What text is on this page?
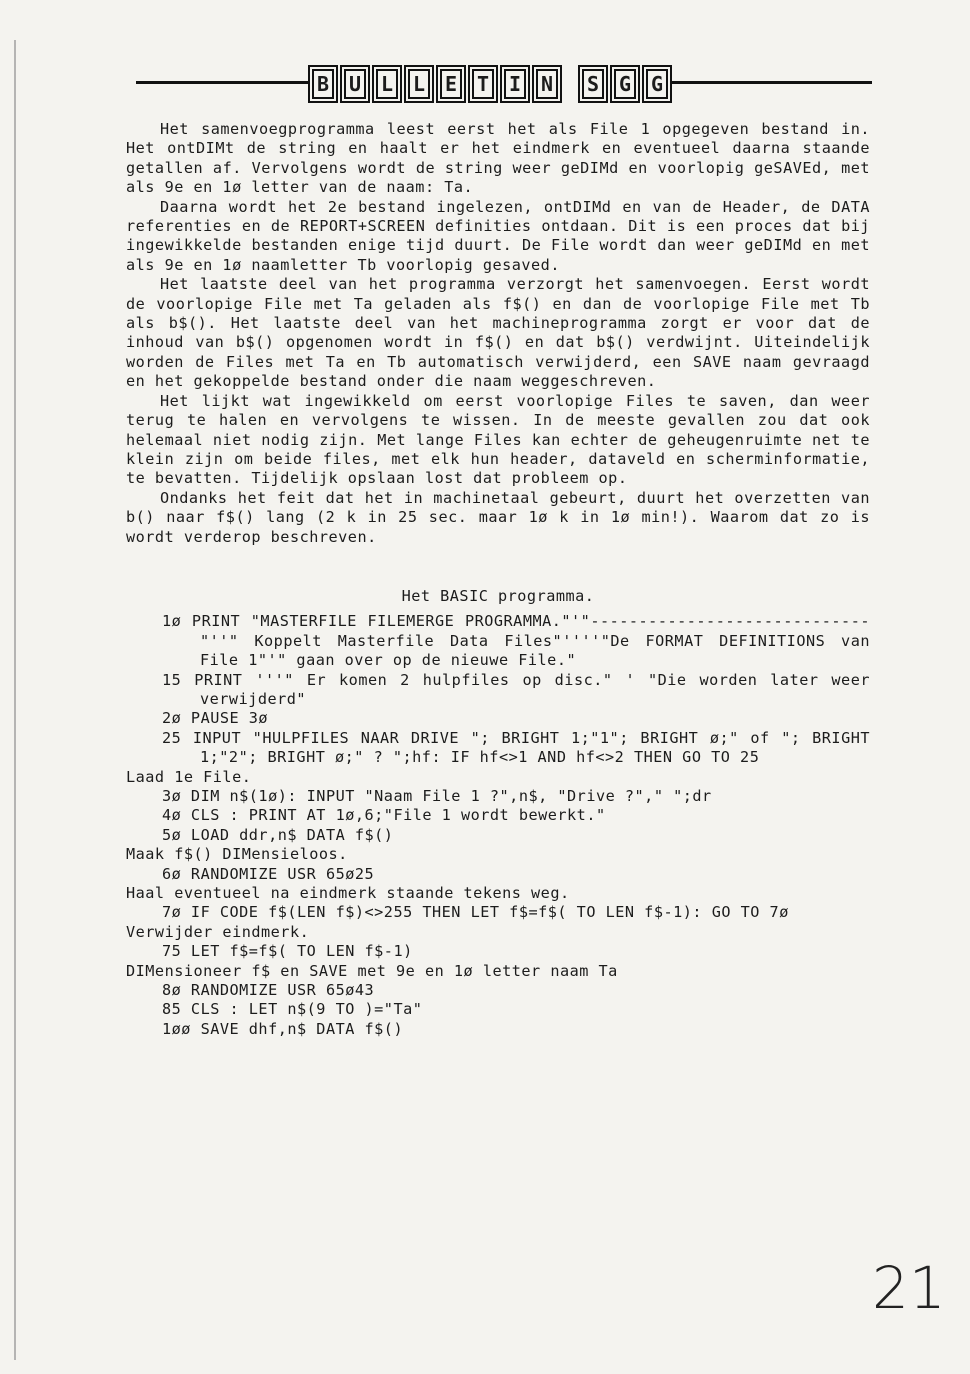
B U L L E T I N	S G G

Het samenvoegprogramma leest eerst het als File 1 opgegeven bestand in. Het ontDIMt de string en haalt er het eindmerk en eventueel daarna staande getallen af. Vervolgens wordt de string weer geDIMd en voorlopig geSAVEd, met als 9e en 1ø letter van de naam: Ta.

Daarna wordt het 2e bestand ingelezen, ontDIMd en van de Header, de DATA referenties en de REPORT+SCREEN definities ontdaan. Dit is een proces dat bij ingewikkelde bestanden enige tijd duurt. De File wordt dan weer geDIMd en met als 9e en 1ø naamletter Tb voorlopig gesaved.

Het laatste deel van het programma verzorgt het samenvoegen. Eerst wordt de voorlopige File met Ta geladen als f$() en dan de voorlopige File met Tb als b$(). Het laatste deel van het machineprogramma zorgt er voor dat de inhoud van b$() opgenomen wordt in f$() en dat b$() verdwijnt. Uiteindelijk worden de Files met Ta en Tb automatisch verwijderd, een SAVE naam gevraagd en het gekoppelde bestand onder die naam weggeschreven.

Het lijkt wat ingewikkeld om eerst voorlopige Files te saven, dan weer terug te halen en vervolgens te wissen. In de meeste gevallen zou dat ook helemaal niet nodig zijn. Met lange Files kan echter de geheugenruimte net te klein zijn om beide files, met elk hun header, dataveld en scherminformatie, te bevatten. Tijdelijk opslaan lost dat probleem op.

Ondanks het feit dat het in machinetaal gebeurt, duurt het overzetten van b() naar f$() lang (2 k in 25 sec. maar 1ø k in 1ø min!). Waarom dat zo is wordt verderop beschreven.

Het BASIC programma.

1ø PRINT "MASTERFILE FILEMERGE PROGRAMMA."'"-----------------------------"''" Koppelt Masterfile Data Files"''''"De FORMAT DEFINITIONS van File 1"'" gaan over op de nieuwe File."

15 PRINT '''" Er komen 2 hulpfiles op disc." ' "Die worden later weer verwijderd"

2ø PAUSE 3ø

25 INPUT "HULPFILES NAAR DRIVE "; BRIGHT 1;"1"; BRIGHT ø;" of "; BRIGHT 1;"2"; BRIGHT ø;" ? ";hf: IF hf<>1 AND hf<>2 THEN GO TO 25

Laad 1e File.

3ø DIM n$(1ø): INPUT "Naam File 1 ?",n$, "Drive ?"," ";dr

4ø CLS : PRINT AT 1ø,6;"File 1 wordt bewerkt."

5ø LOAD ddr,n$ DATA f$()

Maak f$() DIMensieloos.

6ø RANDOMIZE USR 65ø25

Haal eventueel na eindmerk staande tekens weg.

7ø IF CODE f$(LEN f$)<>255 THEN LET f$=f$( TO LEN f$-1): GO TO 7ø

Verwijder eindmerk.

75 LET f$=f$( TO LEN f$-1)

DIMensioneer f$ en SAVE met 9e en 1ø letter naam Ta

8ø RANDOMIZE USR 65ø43

85 CLS : LET n$(9 TO )="Ta"

1øø SAVE dhf,n$ DATA f$()

21
